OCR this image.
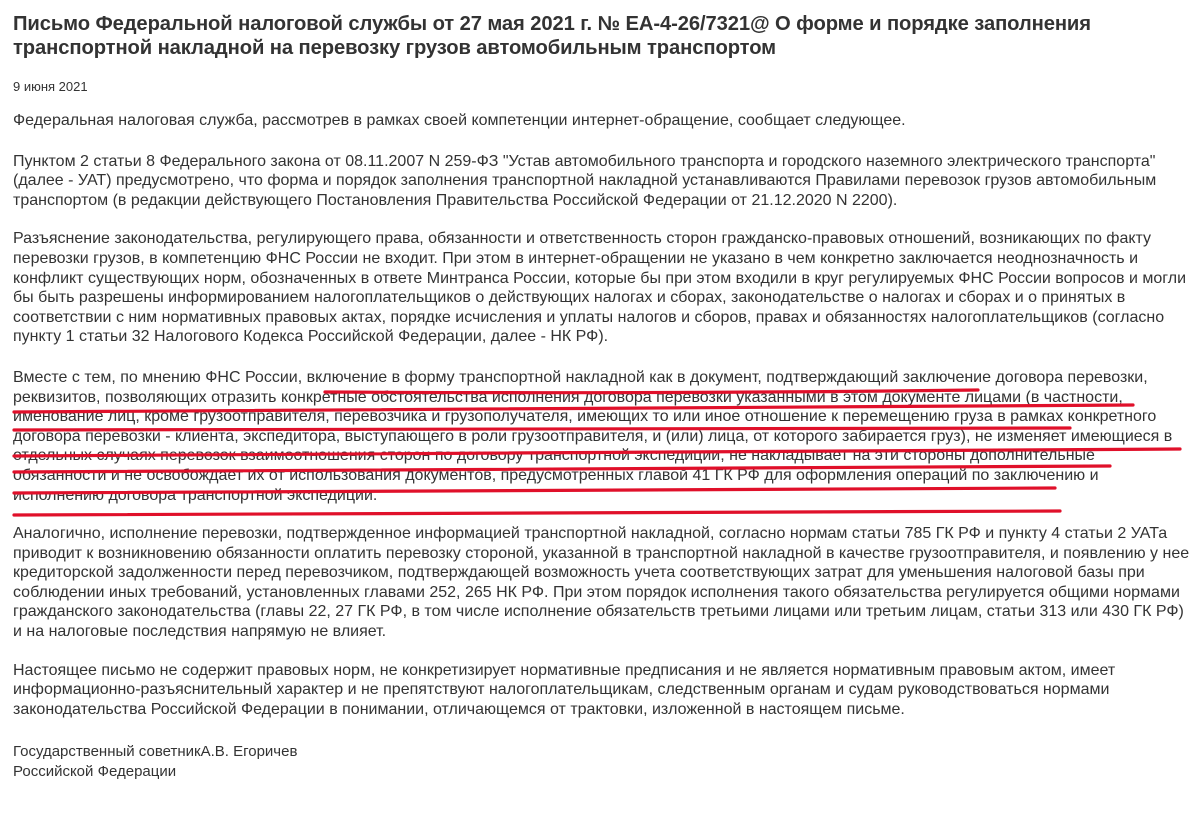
Письмо Федеральной налоговой службы от 27 мая 2021 г. № ЕА-4-26/7321@ О форме и порядке заполнения транспортной накладной на перевозку грузов автомобильным транспортом
9 июня 2021

Федеральная налоговая служба, рассмотрев в рамках своей компетенции интернет-обращение, сообщает следующее.

Пунктом 2 статьи 8 Федерального закона от 08.11.2007 N 259-ФЗ "Устав автомобильного транспорта и городского наземного электрического транспорта" (далее - УАТ) предусмотрено, что форма и порядок заполнения транспортной накладной устанавливаются Правилами перевозок грузов автомобильным транспортом (в редакции действующего Постановления Правительства Российской Федерации от 21.12.2020 N 2200).

Разъяснение законодательства, регулирующего права, обязанности и ответственность сторон гражданско-правовых отношений, возникающих по факту перевозки грузов, в компетенцию ФНС России не входит. При этом в интернет-обращении не указано в чем конкретно заключается неоднозначность и конфликт существующих норм, обозначенных в ответе Минтранса России, которые бы при этом входили в круг регулируемых ФНС России вопросов и могли бы быть разрешены информированием налогоплательщиков о действующих налогах и сборах, законодательстве о налогах и сборах и о принятых в соответствии с ним нормативных правовых актах, порядке исчисления и уплаты налогов и сборов, правах и обязанностях налогоплательщиков (согласно пункту 1 статьи 32 Налогового Кодекса Российской Федерации, далее - НК РФ).

Вместе с тем, по мнению ФНС России, включение в форму транспортной накладной как в документ, подтверждающий заключение договора перевозки, реквизитов, позволяющих отразить конкретные обстоятельства исполнения договора перевозки указанными в этом документе лицами (в частности, именование лиц, кроме грузоотправителя, перевозчика и грузополучателя, имеющих то или иное отношение к перемещению груза в рамках конкретного договора перевозки - клиента, экспедитора, выступающего в роли грузоотправителя, и (или) лица, от которого забирается груз), не изменяет имеющиеся в отдельных случаях перевозок взаимоотношения сторон по договору транспортной экспедиции, не накладывает на эти стороны дополнительные обязанности и не освобождает их от использования документов, предусмотренных главой 41 ГК РФ для оформления операций по заключению и исполнению договора транспортной экспедиции.

Аналогично, исполнение перевозки, подтвержденное информацией транспортной накладной, согласно нормам статьи 785 ГК РФ и пункту 4 статьи 2 УАТа приводит к возникновению обязанности оплатить перевозку стороной, указанной в транспортной накладной в качестве грузоотправителя, и появлению у нее кредиторской задолженности перед перевозчиком, подтверждающей возможность учета соответствующих затрат для уменьшения налоговой базы при соблюдении иных требований, установленных главами 252, 265 НК РФ. При этом порядок исполнения такого обязательства регулируется общими нормами гражданского законодательства (главы 22, 27 ГК РФ, в том числе исполнение обязательств третьими лицами или третьим лицам, статьи 313 или 430 ГК РФ) и на налоговые последствия напрямую не влияет.

Настоящее письмо не содержит правовых норм, не конкретизирует нормативные предписания и не является нормативным правовым актом, имеет информационно-разъяснительный характер и не препятствуют налогоплательщикам, следственным органам и судам руководствоваться нормами законодательства Российской Федерации в понимании, отличающемся от трактовки, изложенной в настоящем письме.

Государственный советникА.В. Егоричев
Российской Федерации
